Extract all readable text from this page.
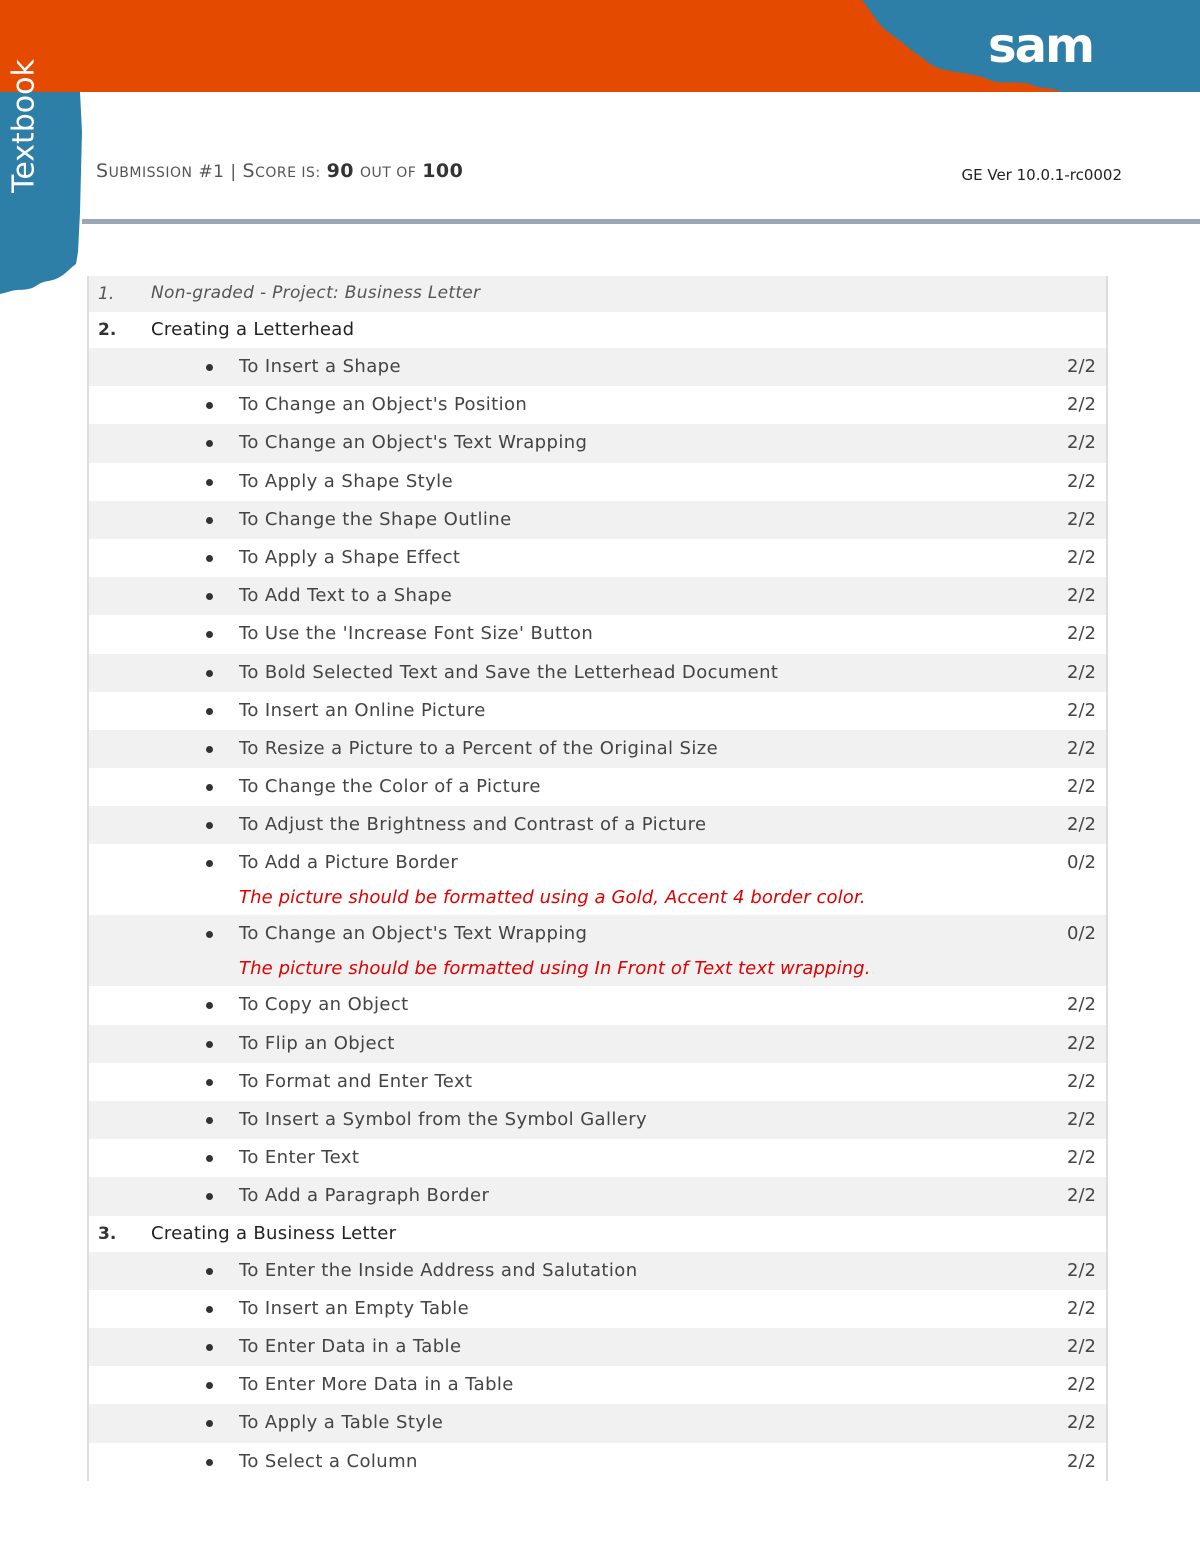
sam
Textbook	SUBMISSION #1 | SCORE IS: 90 OUT OF 100	GE Ver 10.0.1-rc0002
1. Non-graded - Project: Business Letter
2. Creating a Letterhead
To Insert a Shape	2/2
To Change an Object's Position	2/2
To Change an Object's Text Wrapping	2/2
To Apply a Shape Style	2/2
To Change the Shape Outline	2/2
To Apply a Shape Effect	2/2
To Add Text to a Shape	2/2
To Use the 'Increase Font Size' Button	2/2
To Bold Selected Text and Save the Letterhead Document	2/2
To Insert an Online Picture	2/2
To Resize a Picture to a Percent of the Original Size	2/2
To Change the Color of a Picture	2/2
To Adjust the Brightness and Contrast of a Picture	2/2
To Add a Picture Border	0/2
The picture should be formatted using a Gold, Accent 4 border color.
To Change an Object's Text Wrapping	0/2
The picture should be formatted using In Front of Text text wrapping.
To Copy an Object	2/2
To Flip an Object	2/2
To Format and Enter Text	2/2
To Insert a Symbol from the Symbol Gallery	2/2
To Enter Text	2/2
To Add a Paragraph Border	2/2
3. Creating a Business Letter
To Enter the Inside Address and Salutation	2/2
To Insert an Empty Table	2/2
To Enter Data in a Table	2/2
To Enter More Data in a Table	2/2
To Apply a Table Style	2/2
To Select a Column	2/2
